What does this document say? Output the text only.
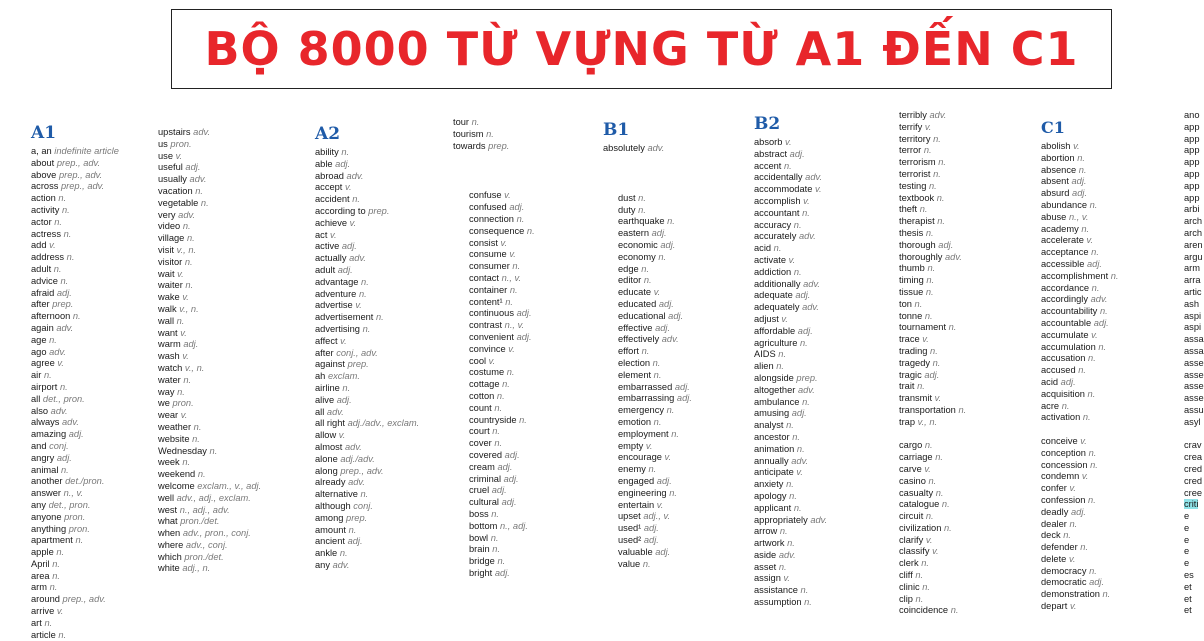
BỘ 8000 TỪ VỰNG TỪ A1 ĐẾN C1
A1
a, an indefinite article
about prep., adv.
above prep., adv.
across prep., adv.
action n.
activity n.
actor n.
actress n.
add v.
address n.
adult n.
advice n.
afraid adj.
after prep.
afternoon n.
again adv.
age n.
ago adv.
agree v.
air n.
airport n.
all det., pron.
also adv.
always adv.
amazing adj.
and conj.
angry adj.
animal n.
another det./pron.
answer n., v.
any det., pron.
anyone pron.
anything pron.
apartment n.
apple n.
April n.
area n.
arm n.
around prep., adv.
arrive v.
art n.
article n.
upstairs adv.
us pron.
use v.
useful adj.
usually adv.
vacation n.
vegetable n.
very adv.
video n.
village n.
visit v., n.
visitor n.
wait v.
waiter n.
wake v.
walk v., n.
wall n.
want v.
warm adj.
wash v.
watch v., n.
water n.
way n.
we pron.
wear v.
weather n.
website n.
Wednesday n.
week n.
weekend n.
welcome exclam., v., adj.
well adv., adj., exclam.
west n., adj., adv.
what pron./det.
when adv., pron., conj.
where adv., conj.
which pron./det.
white adj., n.
A2
ability n.
able adj.
abroad adv.
accept v.
accident n.
according to prep.
achieve v.
act v.
active adj.
actually adv.
adult adj.
advantage n.
adventure n.
advertise v.
advertisement n.
advertising n.
affect v.
after conj., adv.
against prep.
ah exclam.
airline n.
alive adj.
all adv.
all right adj./adv., exclam.
allow v.
almost adv.
alone adj./adv.
along prep., adv.
already adv.
alternative n.
although conj.
among prep.
amount n.
ancient adj.
ankle n.
any adv.
tour n.
tourism n.
towards prep.
confuse v.
confused adj.
connection n.
consequence n.
consist v.
consume v.
consumer n.
contact n., v.
container n.
content¹ n.
continuous adj.
contrast n., v.
convenient adj.
convince v.
cool v.
costume n.
cottage n.
cotton n.
count n.
countryside n.
court n.
cover n.
covered adj.
cream adj.
criminal adj.
cruel adj.
cultural adj.
boss n.
bottom n., adj.
bowl n.
brain n.
bridge n.
bright adj.
B1
absolutely adv.
dust n.
duty n.
earthquake n.
eastern adj.
economic adj.
economy n.
edge n.
editor n.
educate v.
educated adj.
educational adj.
effective adj.
effectively adv.
effort n.
election n.
element n.
embarrassed adj.
embarrassing adj.
emergency n.
emotion n.
employment n.
empty v.
encourage v.
enemy n.
engaged adj.
engineering n.
entertain v.
upset adj., v.
used¹ adj.
used² adj.
valuable adj.
value n.
B2
absorb v.
abstract adj.
accent n.
accidentally adv.
accommodate v.
accomplish v.
accountant n.
accuracy n.
accurately adv.
acid n.
activate v.
addiction n.
additionally adv.
adequate adj.
adequately adv.
adjust v.
affordable adj.
agriculture n.
AIDS n.
alien n.
alongside prep.
altogether adv.
ambulance n.
amusing adj.
analyst n.
ancestor n.
animation n.
annually adv.
anticipate v.
anxiety n.
apology n.
applicant n.
appropriately adv.
arrow n.
artwork n.
aside adv.
asset n.
assign v.
assistance n.
assumption n.
terribly adv.
terrify v.
territory n.
terror n.
terrorism n.
terrorist n.
testing n.
textbook n.
theft n.
therapist n.
thesis n.
thorough adj.
thoroughly adv.
thumb n.
timing n.
tissue n.
ton n.
tonne n.
tournament n.
trace v.
trading n.
tragedy n.
tragic adj.
trait n.
transmit v.
transportation n.
trap v., n.
cargo n.
carriage n.
carve v.
casino n.
casualty n.
catalogue n.
circuit n.
civilization n.
clarify v.
classify v.
clerk n.
cliff n.
clinic n.
clip n.
coincidence n.
C1
abolish v.
abortion n.
absence n.
absent adj.
absurd adj.
abundance n.
abuse n., v.
academy n.
accelerate v.
acceptance n.
accessible adj.
accomplishment n.
accordance n.
accordingly adv.
accountability n.
accountable adj.
accumulate v.
accumulation n.
accusation n.
accused n.
acid adj.
acquisition n.
acre n.
activation n.
conceive v.
conception n.
concession n.
condemn v.
confer v.
confession n.
deadly adj.
dealer n.
deck n.
defender n.
delete v.
democracy n.
democratic adj.
demonstration n.
depart v.
ano
app
app
app
app
app
app
app
arbi
arch
arch
aren
argu
arm
arra
artic
ash
aspi
aspi
assa
assa
asse
asse
asse
asse
assu
asyl
crav
crea
cred
cred
cree
criti
e
e
e
e
e
es
et
et
et
